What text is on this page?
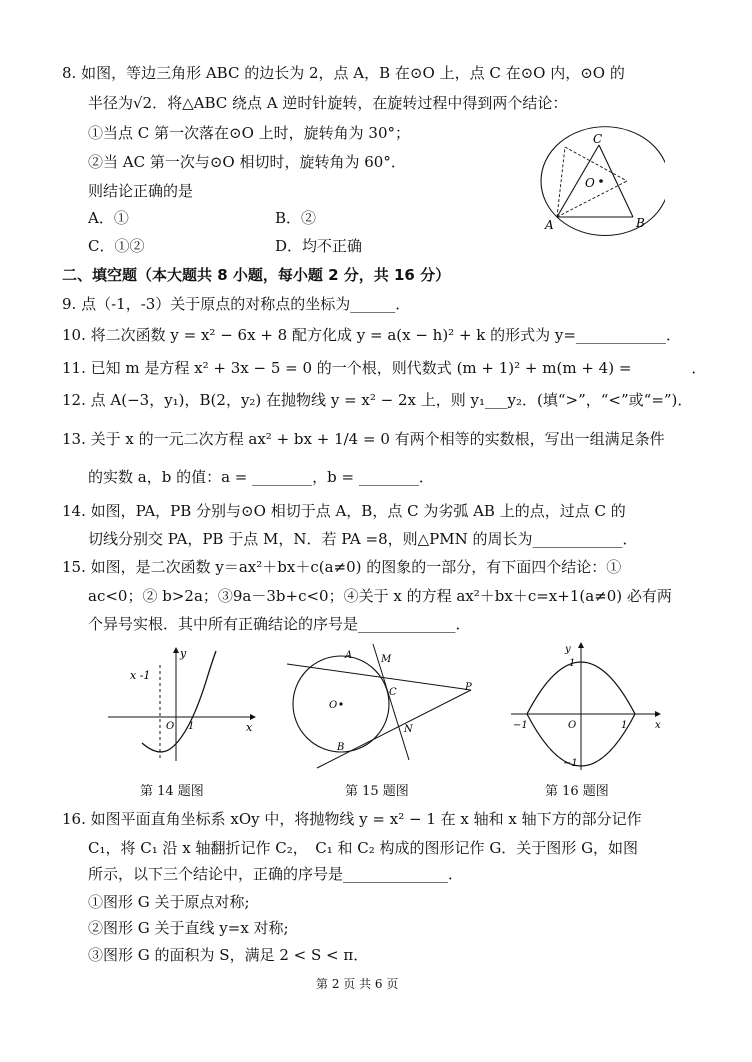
8. 如图，等边三角形 ABC 的边长为 2，点 A，B 在⊙O 上，点 C 在⊙O 内，⊙O 的
半径为√2．将△ABC 绕点 A 逆时针旋转，在旋转过程中得到两个结论：
①当点 C 第一次落在⊙O 上时，旋转角为 30°；
②当 AC 第一次与⊙O 相切时，旋转角为 60°．
则结论正确的是
A．①	B．②
C．①②	D．均不正确
C
O
A	B
二、填空题（本大题共 8 小题，每小题 2 分，共 16 分）
9. 点（-1，-3）关于原点的对称点的坐标为______．
10. 将二次函数 y = x² − 6x + 8 配方化成 y = a(x − h)² + k 的形式为 y=____________．
11. 已知 m 是方程 x² + 3x − 5 = 0 的一个根，则代数式 (m + 1)² + m(m + 4) =　　　　．
12. 点 A(−3，y₁)，B(2，y₂) 在抛物线 y = x² − 2x 上，则 y₁___y₂．(填“>”，“<”或“=”)．
13. 关于 x 的一元二次方程 ax² + bx + 1/4 = 0 有两个相等的实数根，写出一组满足条件
的实数 a，b 的值：a = ________，b = ________．
14. 如图，PA，PB 分别与⊙O 相切于点 A，B，点 C 为劣弧 AB 上的点，过点 C 的
切线分别交 PA，PB 于点 M，N．若 PA =8，则△PMN 的周长为____________．
15. 如图，是二次函数 y＝ax²＋bx＋c(a≠0) 的图象的一部分，有下面四个结论：①
ac<0；② b>2a；③9a－3b+c<0；④关于 x 的方程 ax²＋bx＋c=x+1(a≠0) 必有两
个异号实根．其中所有正确结论的序号是_____________．
x -1
y
x
O 1
A	M
C	P
O
N
B
y
x
O
1
−1	1
−1
第 14 题图	第 15 题图	第 16 题图
16. 如图平面直角坐标系 xOy 中，将抛物线 y = x² − 1 在 x 轴和 x 轴下方的部分记作
C₁，将 C₁ 沿 x 轴翻折记作 C₂，　C₁ 和 C₂ 构成的图形记作 G．关于图形 G，如图
所示，以下三个结论中，正确的序号是______________．
①图形 G 关于原点对称;
②图形 G 关于直线 y=x 对称;
③图形 G 的面积为 S，满足 2 < S < π．
第 2 页 共 6 页
